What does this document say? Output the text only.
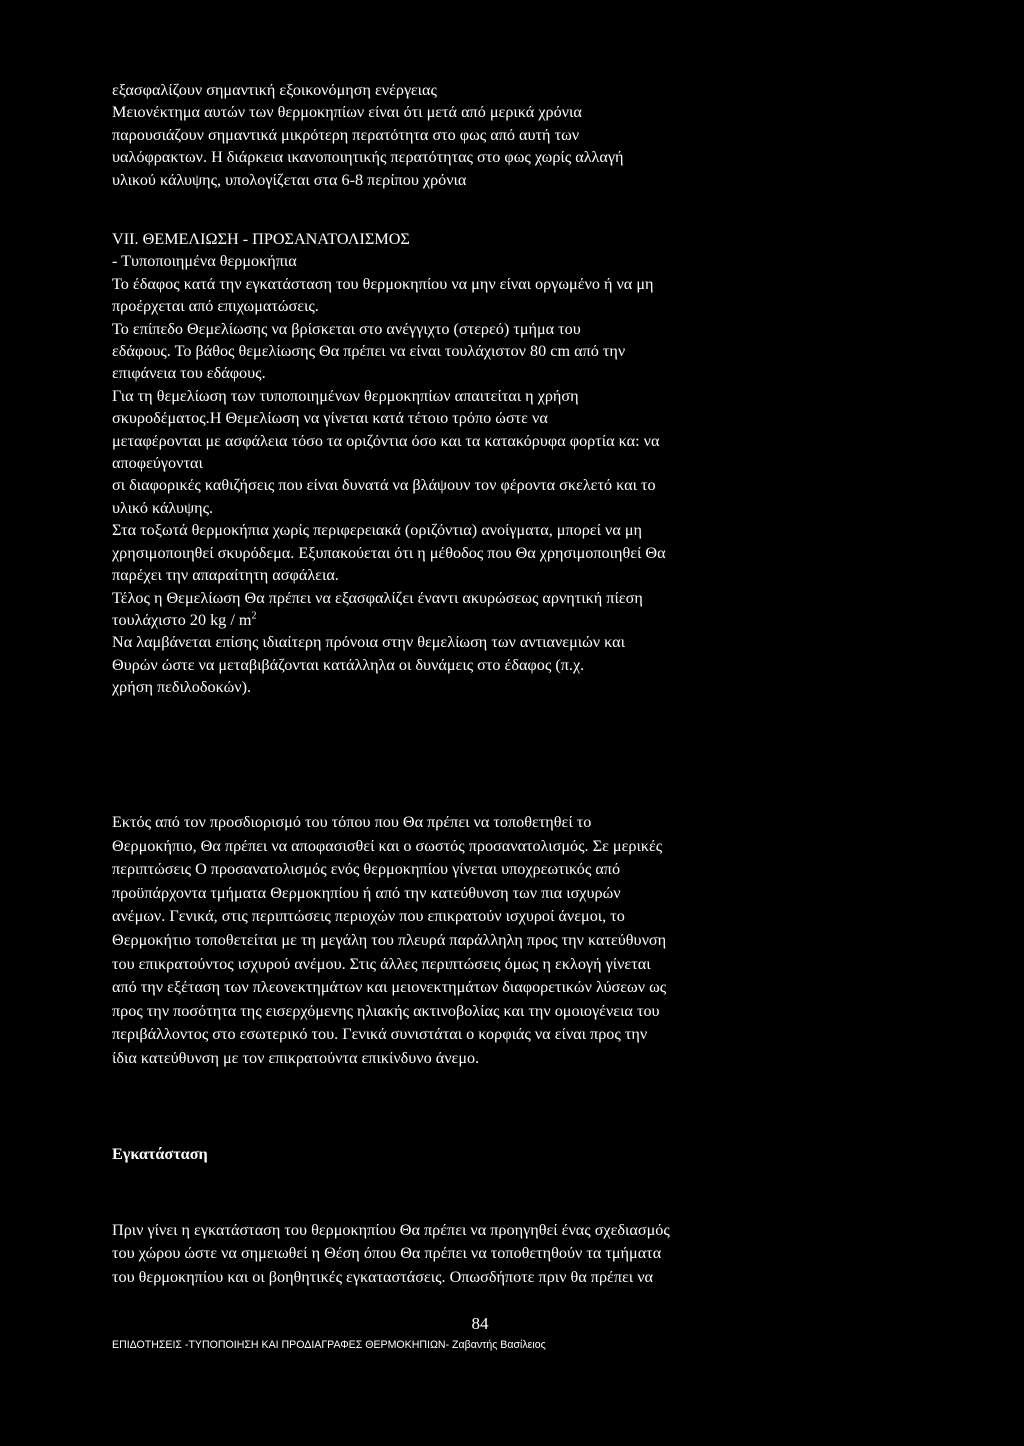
εξασφαλίζουν σημαντική εξοικονόμηση ενέργειας
Μειονέκτημα αυτών των θερμοκηπίων είναι ότι μετά από μερικά χρόνια
παρουσιάζουν σημαντικά μικρότερη περατότητα στο φως από αυτή των
υαλόφρακτων. Η διάρκεια ικανοποιητικής περατότητας στο φως χωρίς αλλαγή
υλικού κάλυψης, υπολογίζεται στα 6-8 περίπου χρόνια
VII. ΘΕΜΕΛΙΩΣΗ - ΠΡΟΣΑΝΑΤΟΛΙΣΜΟΣ
- Τυποποιημένα θερμοκήπια
Το έδαφος κατά την εγκατάσταση του θερμοκηπίου να μην είναι οργωμένο ή να μη
προέρχεται από επιχωματώσεις.
Το επίπεδο Θεμελίωσης να βρίσκεται στο ανέγγιχτο (στερεό) τμήμα του
εδάφους. Το βάθος θεμελίωσης Θα πρέπει να είναι τουλάχιστον 80 cm από την
επιφάνεια του εδάφους.
Για τη θεμελίωση των τυποποιημένων θερμοκηπίων απαιτείται η χρήση
σκυροδέματος.Η Θεμελίωση να γίνεται κατά τέτοιο τρόπο ώστε να
μεταφέρονται με ασφάλεια τόσο τα οριζόντια όσο και τα κατακόρυφα φορτία κα: να
αποφεύγονται
σι διαφορικές καθιζήσεις που είναι δυνατά να βλάψουν τον φέροντα σκελετό και το
υλικό κάλυψης.
Στα τοξωτά θερμοκήπια χωρίς περιφερειακά (οριζόντια) ανοίγματα, μπορεί να μη
χρησιμοποιηθεί σκυρόδεμα. Εξυπακούεται ότι η μέθοδος που Θα χρησιμοποιηθεί Θα
παρέχει την απαραίτητη ασφάλεια.
Τέλος η Θεμελίωση Θα πρέπει να εξασφαλίζει έναντι ακυρώσεως αρνητική πίεση
τουλάχιστο 20 kg / $m^2$
Να λαμβάνεται επίσης ιδιαίτερη πρόνοια στην θεμελίωση των αντιανεμιών και
Θυρών ώστε να μεταβιβάζονται κατάλληλα οι δυνάμεις στο έδαφος (π.χ.
χρήση πεδιλοδοκών).
Εκτός από τον προσδιορισμό του τόπου που Θα πρέπει να τοποθετηθεί το
Θερμοκήπιο, Θα πρέπει να αποφασισθεί και ο σωστός προσανατολισμός. Σε μερικές
περιπτώσεις Ο προσανατολισμός ενός θερμοκηπίου γίνεται υποχρεωτικός από
προϋπάρχοντα τμήματα Θερμοκηπίου ή από την κατεύθυνση των πια ισχυρών
ανέμων. Γενικά, στις περιπτώσεις περιοχών που επικρατούν ισχυροί άνεμοι, το
Θερμοκήτιο τοποθετείται με τη μεγάλη του πλευρά παράλληλη προς την κατεύθυνση
του επικρατούντος ισχυρού ανέμου. Στις άλλες περιπτώσεις όμως η εκλογή γίνεται
από την εξέταση των πλεονεκτημάτων και μειονεκτημάτων διαφορετικών λύσεων ως
προς την ποσότητα της εισερχόμενης ηλιακής ακτινοβολίας και την ομοιογένεια του
περιβάλλοντος στο εσωτερικό του. Γενικά συνιστάται ο κορφιάς να είναι προς την
ίδια κατεύθυνση με τον επικρατούντα επικίνδυνο άνεμο.
Εγκατάσταση
Πριν γίνει η εγκατάσταση του θερμοκηπίου Θα πρέπει να προηγηθεί ένας σχεδιασμός
του χώρου ώστε να σημειωθεί η Θέση όπου Θα πρέπει να τοποθετηθούν τα τμήματα
του θερμοκηπίου και οι βοηθητικές εγκαταστάσεις. Οπωσδήποτε πριν θα πρέπει να
84
ΕΠΙΔΟΤΗΣΕΙΣ -ΤΥΠΟΠΟΙΗΣΗ ΚΑΙ ΠΡΟΔΙΑΓΡΑΦΕΣ ΘΕΡΜΟΚΗΠΙΩΝ- Ζαβαντής Βασίλειος
